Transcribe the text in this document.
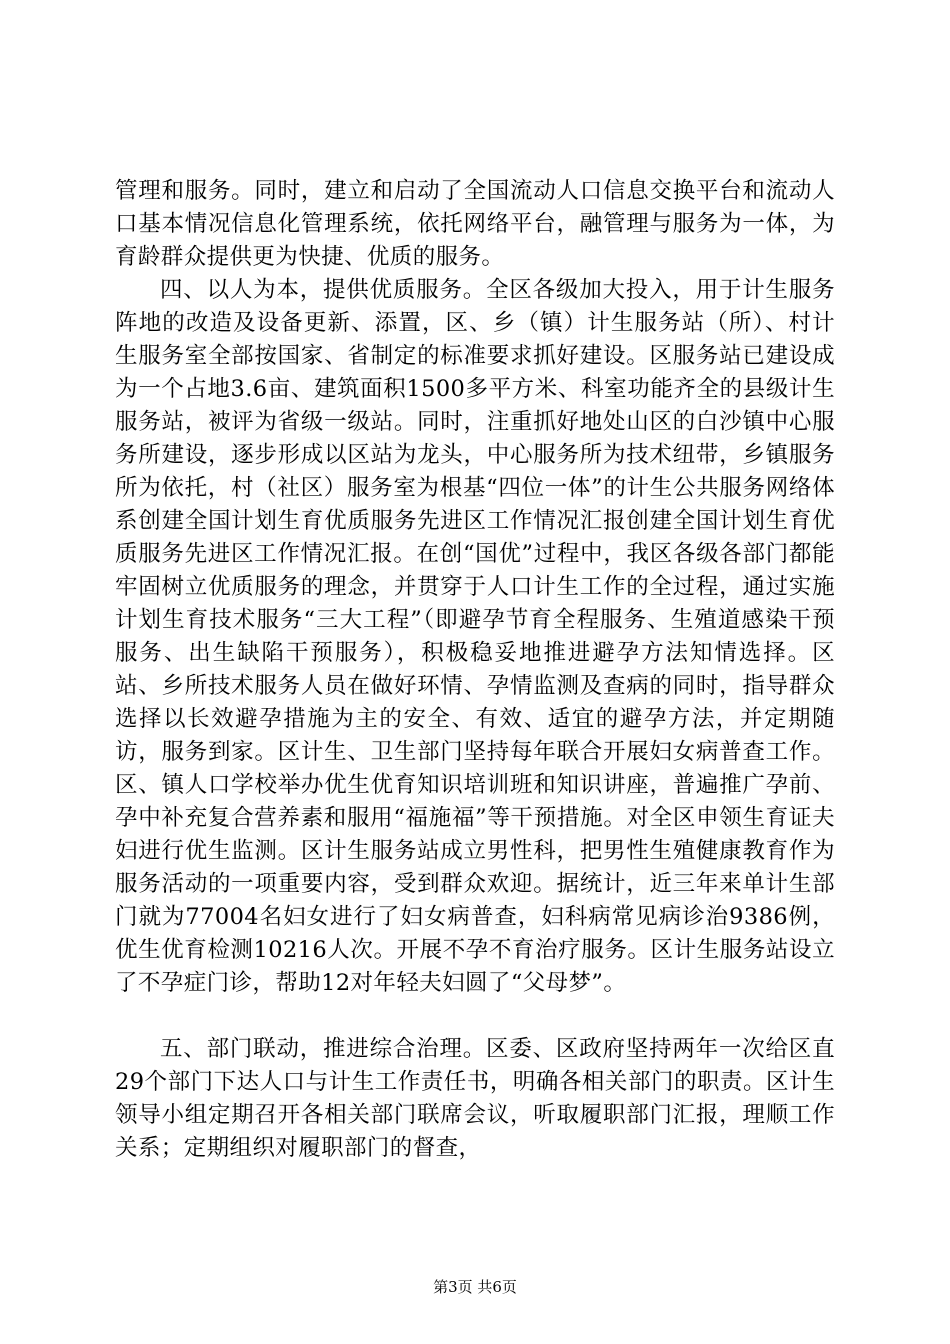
管理和服务。同时，建立和启动了全国流动人口信息交换平台和流动人口基本情况信息化管理系统，依托网络平台，融管理与服务为一体，为育龄群众提供更为快捷、优质的服务。

四、以人为本，提供优质服务。全区各级加大投入，用于计生服务阵地的改造及设备更新、添置，区、乡（镇）计生服务站（所）、村计生服务室全部按国家、省制定的标准要求抓好建设。区服务站已建设成为一个占地3.6亩、建筑面积1500多平方米、科室功能齐全的县级计生服务站，被评为省级一级站。同时，注重抓好地处山区的白沙镇中心服务所建设，逐步形成以区站为龙头，中心服务所为技术纽带，乡镇服务所为依托，村（社区）服务室为根基“四位一体”的计生公共服务网络体系创建全国计划生育优质服务先进区工作情况汇报创建全国计划生育优质服务先进区工作情况汇报。在创“国优”过程中，我区各级各部门都能牢固树立优质服务的理念，并贯穿于人口计生工作的全过程，通过实施计划生育技术服务“三大工程”（即避孕节育全程服务、生殖道感染干预服务、出生缺陷干预服务），积极稳妥地推进避孕方法知情选择。区站、乡所技术服务人员在做好环情、孕情监测及查病的同时，指导群众选择以长效避孕措施为主的安全、有效、适宜的避孕方法，并定期随访，服务到家。区计生、卫生部门坚持每年联合开展妇女病普查工作。区、镇人口学校举办优生优育知识培训班和知识讲座，普遍推广孕前、孕中补充复合营养素和服用“福施福”等干预措施。对全区申领生育证夫妇进行优生监测。区计生服务站成立男性科，把男性生殖健康教育作为服务活动的一项重要内容，受到群众欢迎。据统计，近三年来单计生部门就为77004名妇女进行了妇女病普查，妇科病常见病诊治9386例，优生优育检测10216人次。开展不孕不育治疗服务。区计生服务站设立了不孕症门诊，帮助12对年轻夫妇圆了“父母梦”。

五、部门联动，推进综合治理。区委、区政府坚持两年一次给区直29个部门下达人口与计生工作责任书，明确各相关部门的职责。区计生领导小组定期召开各相关部门联席会议，听取履职部门汇报，理顺工作关系；定期组织对履职部门的督查，

第3页 共6页
